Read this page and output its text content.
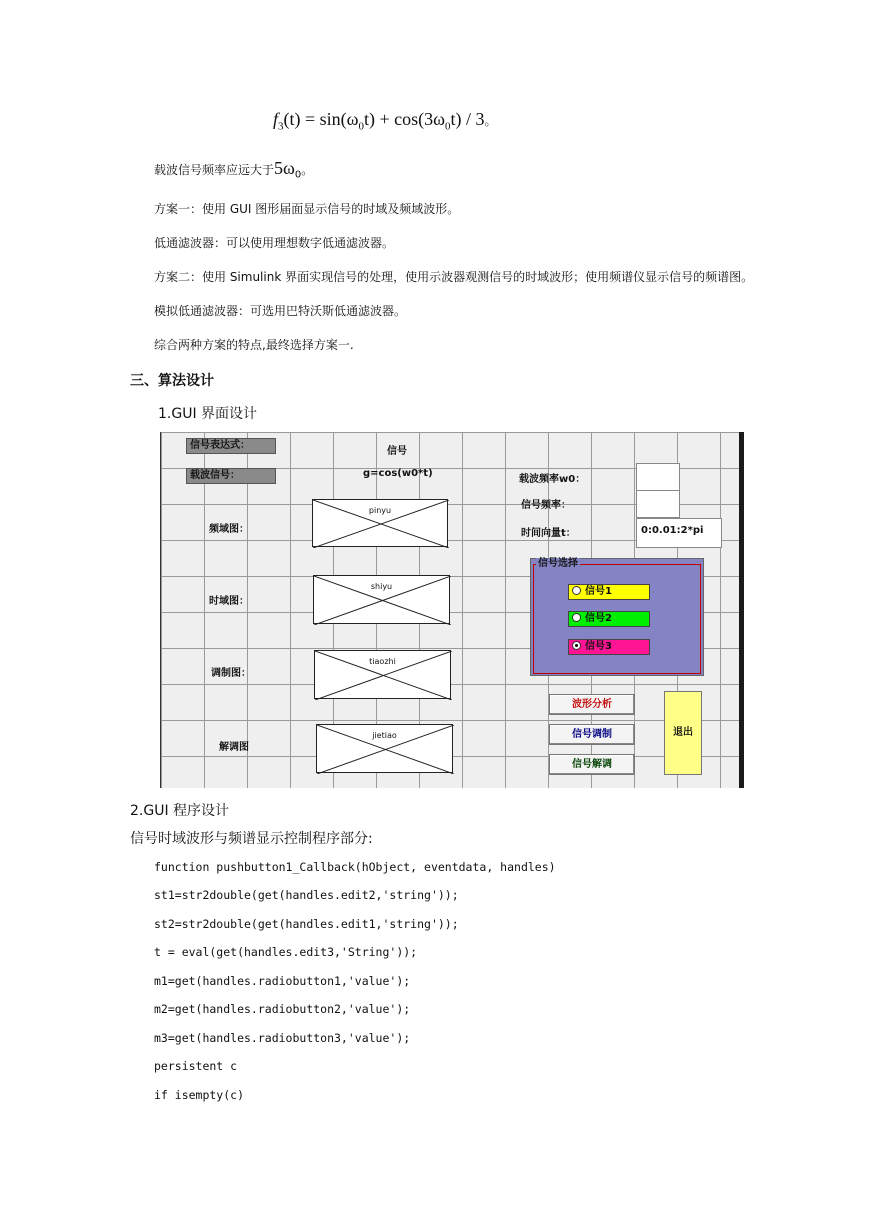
$f_3(t) = \sin(\omega_0t) + \cos(3\omega_0t) / 3$。
载波信号频率应远大于$5\omega_0$。
方案一：使用 GUI 图形届面显示信号的时域及频域波形。
低通滤波器：可以使用理想数字低通滤波器。
方案二：使用 Simulink 界面实现信号的处理，使用示波器观测信号的时域波形；使用频谱仪显示信号的频谱图。
模拟低通滤波器：可选用巴特沃斯低通滤波器。
综合两种方案的特点,最终选择方案一.
三、算法设计
1.GUI 界面设计
信号表达式：
信号
载波信号：	g=cos(w0*t)
载波频率w0：
信号频率：
时间向量t：	0:0.01:2*pi
频域图：
时域图：
调制图：
解调图
pinyu
shiyu
tiaozhi
jietiao
信号选择
信号1
信号2
信号3
波形分析
信号调制
信号解调
退出
2.GUI 程序设计
信号时域波形与频谱显示控制程序部分:
function pushbutton1_Callback(hObject, eventdata, handles)
st1=str2double(get(handles.edit2,'string'));
st2=str2double(get(handles.edit1,'string'));
t = eval(get(handles.edit3,'String'));
m1=get(handles.radiobutton1,'value');
m2=get(handles.radiobutton2,'value');
m3=get(handles.radiobutton3,'value');
persistent c
if isempty(c)
